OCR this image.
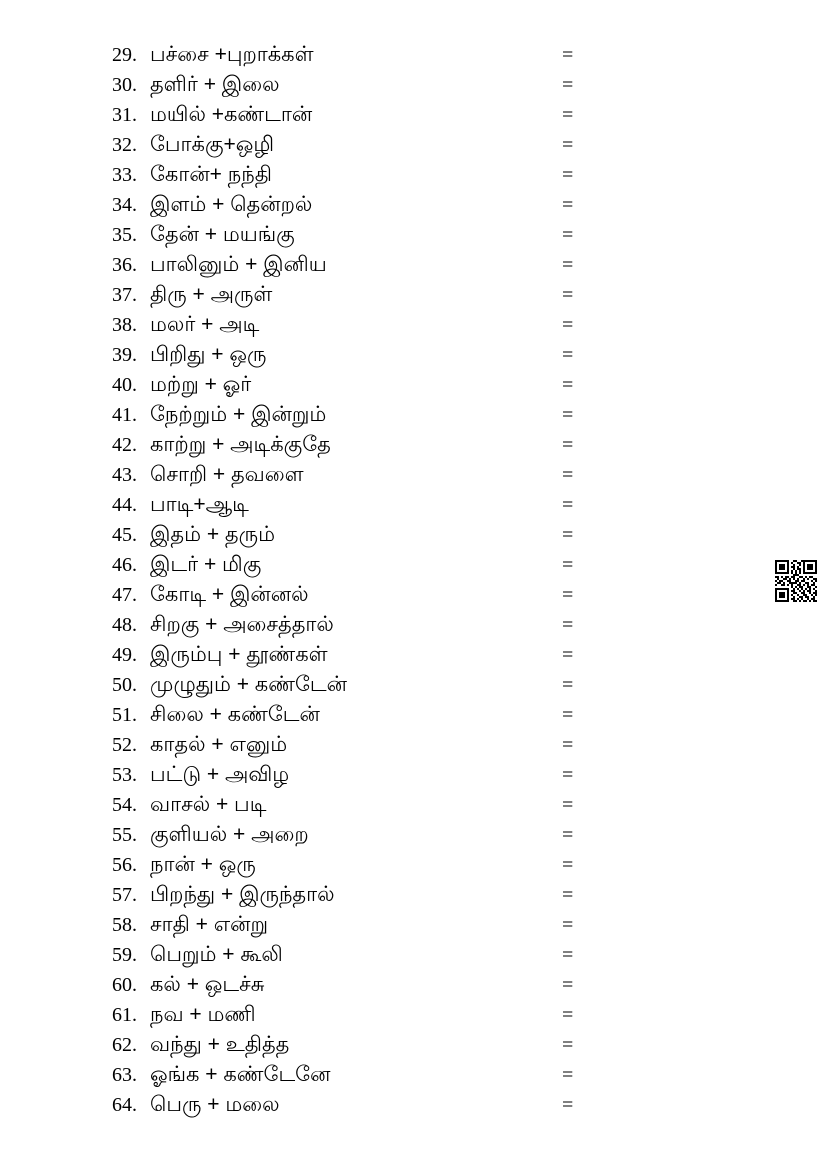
29. பச்சை +புறாக்கள்	=
30. தளிர் + இலை	=
31. மயில் +கண்டான்	=
32. போக்கு+ஒழி	=
33. கோன்+ நந்தி	=
34. இளம் + தென்றல்	=
35. தேன் + மயங்கு	=
36. பாலினும் + இனிய	=
37. திரு + அருள்	=
38. மலர் + அடி	=
39. பிறிது + ஒரு	=
40. மற்று + ஓர்	=
41. நேற்றும் + இன்றும்	=
42. காற்று + அடிக்குதே	=
43. சொறி + தவளை	=
44. பாடி+ஆடி	=
45. இதம் + தரும்	=
46. இடர் + மிகு	=
47. கோடி + இன்னல்	=
48. சிறகு + அசைத்தால்	=
49. இரும்பு + தூண்கள்	=
50. முழுதும் + கண்டேன்	=
51. சிலை + கண்டேன்	=
52. காதல் + எனும்	=
53. பட்டு + அவிழ	=
54. வாசல் + படி	=
55. குளியல் + அறை	=
56. நான் + ஒரு	=
57. பிறந்து + இருந்தால்	=
58. சாதி + என்று	=
59. பெறும் + கூலி	=
60. கல் + ஒடச்சு	=
61. நவ + மணி	=
62. வந்து + உதித்த	=
63. ஓங்க + கண்டேனே	=
64. பெரு + மலை	=
